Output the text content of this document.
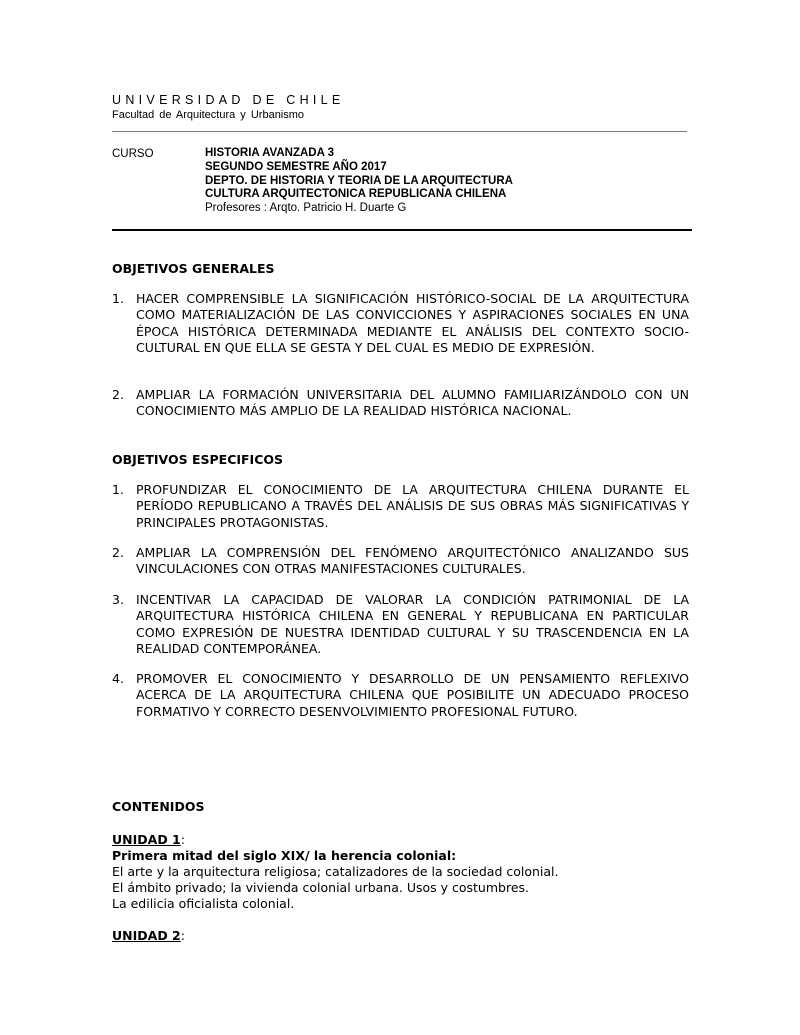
UNIVERSIDAD DE CHILE
Facultad de Arquitectura y Urbanismo
CURSO	HISTORIA AVANZADA 3
SEGUNDO SEMESTRE AÑO 2017
DEPTO. DE HISTORIA Y TEORIA DE LA ARQUITECTURA
CULTURA ARQUITECTONICA REPUBLICANA CHILENA
Profesores : Arqto. Patricio H. Duarte G
OBJETIVOS GENERALES
1. HACER COMPRENSIBLE LA SIGNIFICACIÓN HISTÓRICO-SOCIAL DE LA ARQUITECTURA COMO MATERIALIZACIÓN DE LAS CONVICCIONES Y ASPIRACIONES SOCIALES EN UNA ÉPOCA HISTÓRICA DETERMINADA MEDIANTE EL ANÁLISIS DEL CONTEXTO SOCIO-CULTURAL EN QUE ELLA SE GESTA Y DEL CUAL ES MEDIO DE EXPRESIÓN.
2. AMPLIAR LA FORMACIÓN UNIVERSITARIA DEL ALUMNO FAMILIARIZÁNDOLO CON UN CONOCIMIENTO MÁS AMPLIO DE LA REALIDAD HISTÓRICA NACIONAL.
OBJETIVOS ESPECIFICOS
1. PROFUNDIZAR EL CONOCIMIENTO DE LA ARQUITECTURA CHILENA DURANTE EL PERÍODO REPUBLICANO A TRAVÉS DEL ANÁLISIS DE SUS OBRAS MÁS SIGNIFICATIVAS Y PRINCIPALES PROTAGONISTAS.
2. AMPLIAR LA COMPRENSIÓN DEL FENÓMENO ARQUITECTÓNICO ANALIZANDO SUS VINCULACIONES CON OTRAS MANIFESTACIONES CULTURALES.
3. INCENTIVAR LA CAPACIDAD DE VALORAR LA CONDICIÓN PATRIMONIAL DE LA ARQUITECTURA HISTÓRICA CHILENA EN GENERAL Y REPUBLICANA EN PARTICULAR COMO EXPRESIÓN DE NUESTRA IDENTIDAD CULTURAL Y SU TRASCENDENCIA EN LA REALIDAD CONTEMPORÁNEA.
4. PROMOVER EL CONOCIMIENTO Y DESARROLLO DE UN PENSAMIENTO REFLEXIVO ACERCA DE LA ARQUITECTURA CHILENA QUE POSIBILITE UN ADECUADO PROCESO FORMATIVO Y CORRECTO DESENVOLVIMIENTO PROFESIONAL FUTURO.
CONTENIDOS
UNIDAD 1:
Primera mitad del siglo XIX/ la herencia colonial:
El arte y la arquitectura religiosa; catalizadores de la sociedad colonial.
El ámbito privado; la vivienda colonial urbana. Usos y costumbres.
La edilicia oficialista colonial.
UNIDAD 2:
